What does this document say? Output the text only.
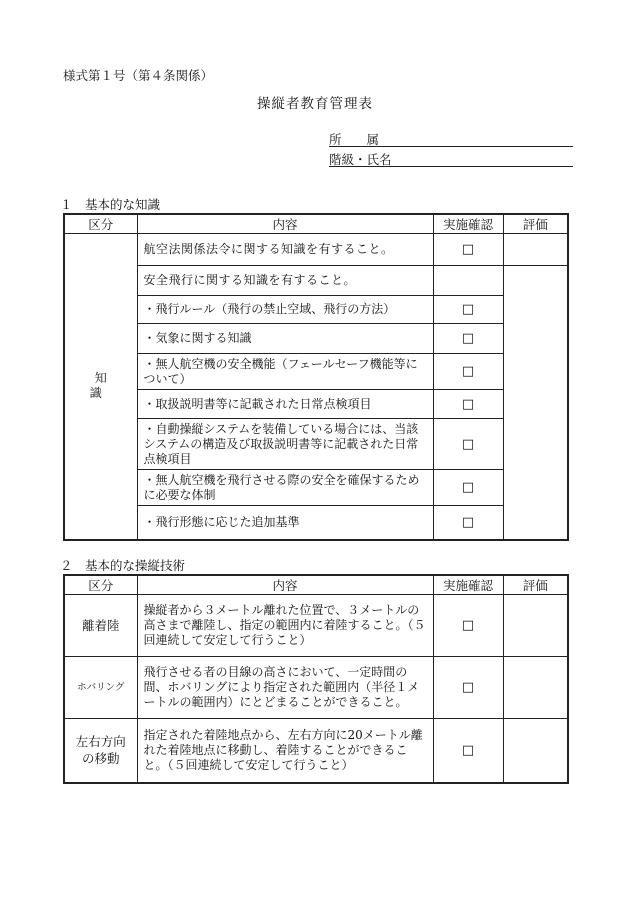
様式第１号（第４条関係）
操縦者教育管理表
所　　属
階級・氏名
１　基本的な知識
区分	内容	実施確認	評価
知　識	航空法関係法令に関する知識を有すること。	□	
	安全飛行に関する知識を有すること。		
	・飛行ルール（飛行の禁止空域、飛行の方法）	□	
	・気象に関する知識	□	
	・無人航空機の安全機能（フェールセーフ機能等について）	□	
	・取扱説明書等に記載された日常点検項目	□	
	・自動操縦システムを装備している場合には、当該システムの構造及び取扱説明書等に記載された日常点検項目	□	
	・無人航空機を飛行させる際の安全を確保するために必要な体制	□	
	・飛行形態に応じた追加基準	□	
２　基本的な操縦技術
区分	内容	実施確認	評価
離着陸	操縦者から３メートル離れた位置で、３メートルの高さまで離陸し、指定の範囲内に着陸すること。（５回連続して安定して行うこと）	□	
ホバリング	飛行させる者の目線の高さにおいて、一定時間の間、ホバリングにより指定された範囲内（半径１メートルの範囲内）にとどまることができること。	□	
左右方向の移動	指定された着陸地点から、左右方向に20メートル離れた着陸地点に移動し、着陸することができること。（５回連続して安定して行うこと）	□	
